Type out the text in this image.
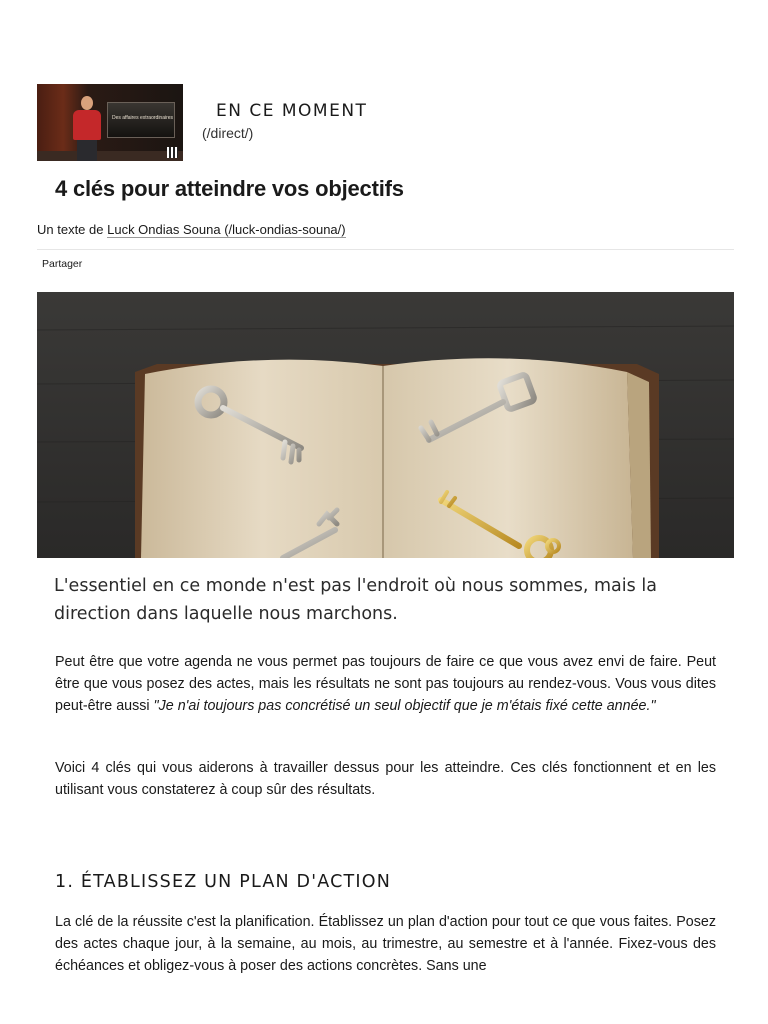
Des affaires extraordinaires	EN CE MOMENT
(/direct/)
4 clés pour atteindre vos objectifs
Un texte de Luck Ondias Souna (/luck-ondias-souna/)
Partager

L'essentiel en ce monde n'est pas l'endroit où nous sommes, mais la direction dans laquelle nous marchons.

Peut être que votre agenda ne vous permet pas toujours de faire ce que vous avez envi de faire. Peut être que vous posez des actes, mais les résultats ne sont pas toujours au rendez-vous. Vous vous dites peut-être aussi "Je n'ai toujours pas concrétisé un seul objectif que je m'étais fixé cette année."

Voici 4 clés qui vous aiderons à travailler dessus pour les atteindre. Ces clés fonctionnent et en les utilisant vous constaterez à coup sûr des résultats.

1. ÉTABLISSEZ UN PLAN D'ACTION

La clé de la réussite c'est la planification. Établissez un plan d'action pour tout ce que vous faites. Posez des actes chaque jour, à la semaine, au mois, au trimestre, au semestre et à l'année. Fixez-vous des échéances et obligez-vous à poser des actions concrètes. Sans une
